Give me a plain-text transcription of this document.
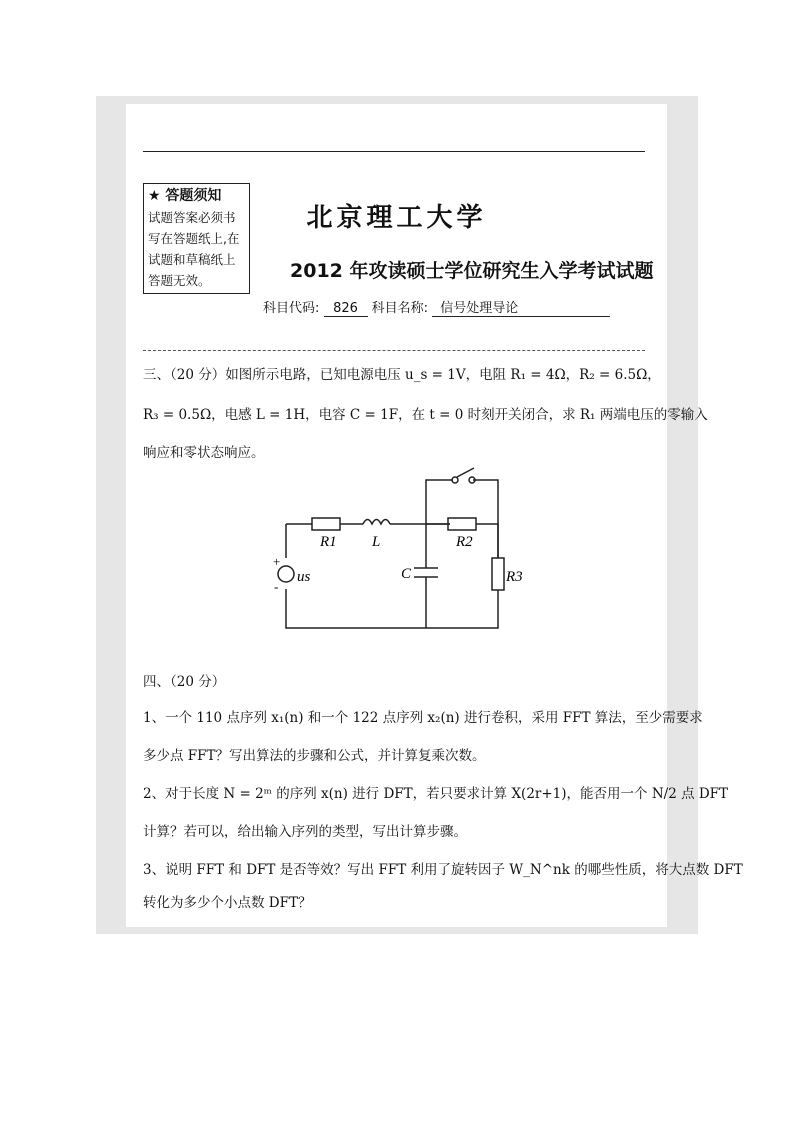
★ 答题须知
试题答案必须书
写在答题纸上,在
试题和草稿纸上
答题无效。
北京理工大学
2012 年攻读硕士学位研究生入学考试试题
科目代码: 826 科目名称: 信号处理导论
三、（20 分）如图所示电路，已知电源电压 u_s = 1V，电阻 R₁ = 4Ω，R₂ = 6.5Ω，
R₃ = 0.5Ω，电感 L = 1H，电容 C = 1F，在 t = 0 时刻开关闭合，求 R₁ 两端电压的零输入
响应和零状态响应。
R1 L	R2
R3
C
us
+
-
四、（20 分）
1、一个 110 点序列 x₁(n) 和一个 122 点序列 x₂(n) 进行卷积，采用 FFT 算法，至少需要求
多少点 FFT？写出算法的步骤和公式，并计算复乘次数。
2、对于长度 N = 2ᵐ 的序列 x(n) 进行 DFT，若只要求计算 X(2r+1)，能否用一个 N/2 点 DFT
计算？若可以，给出输入序列的类型，写出计算步骤。
3、说明 FFT 和 DFT 是否等效？写出 FFT 利用了旋转因子 W_N^nk 的哪些性质，将大点数 DFT
转化为多少个小点数 DFT？
